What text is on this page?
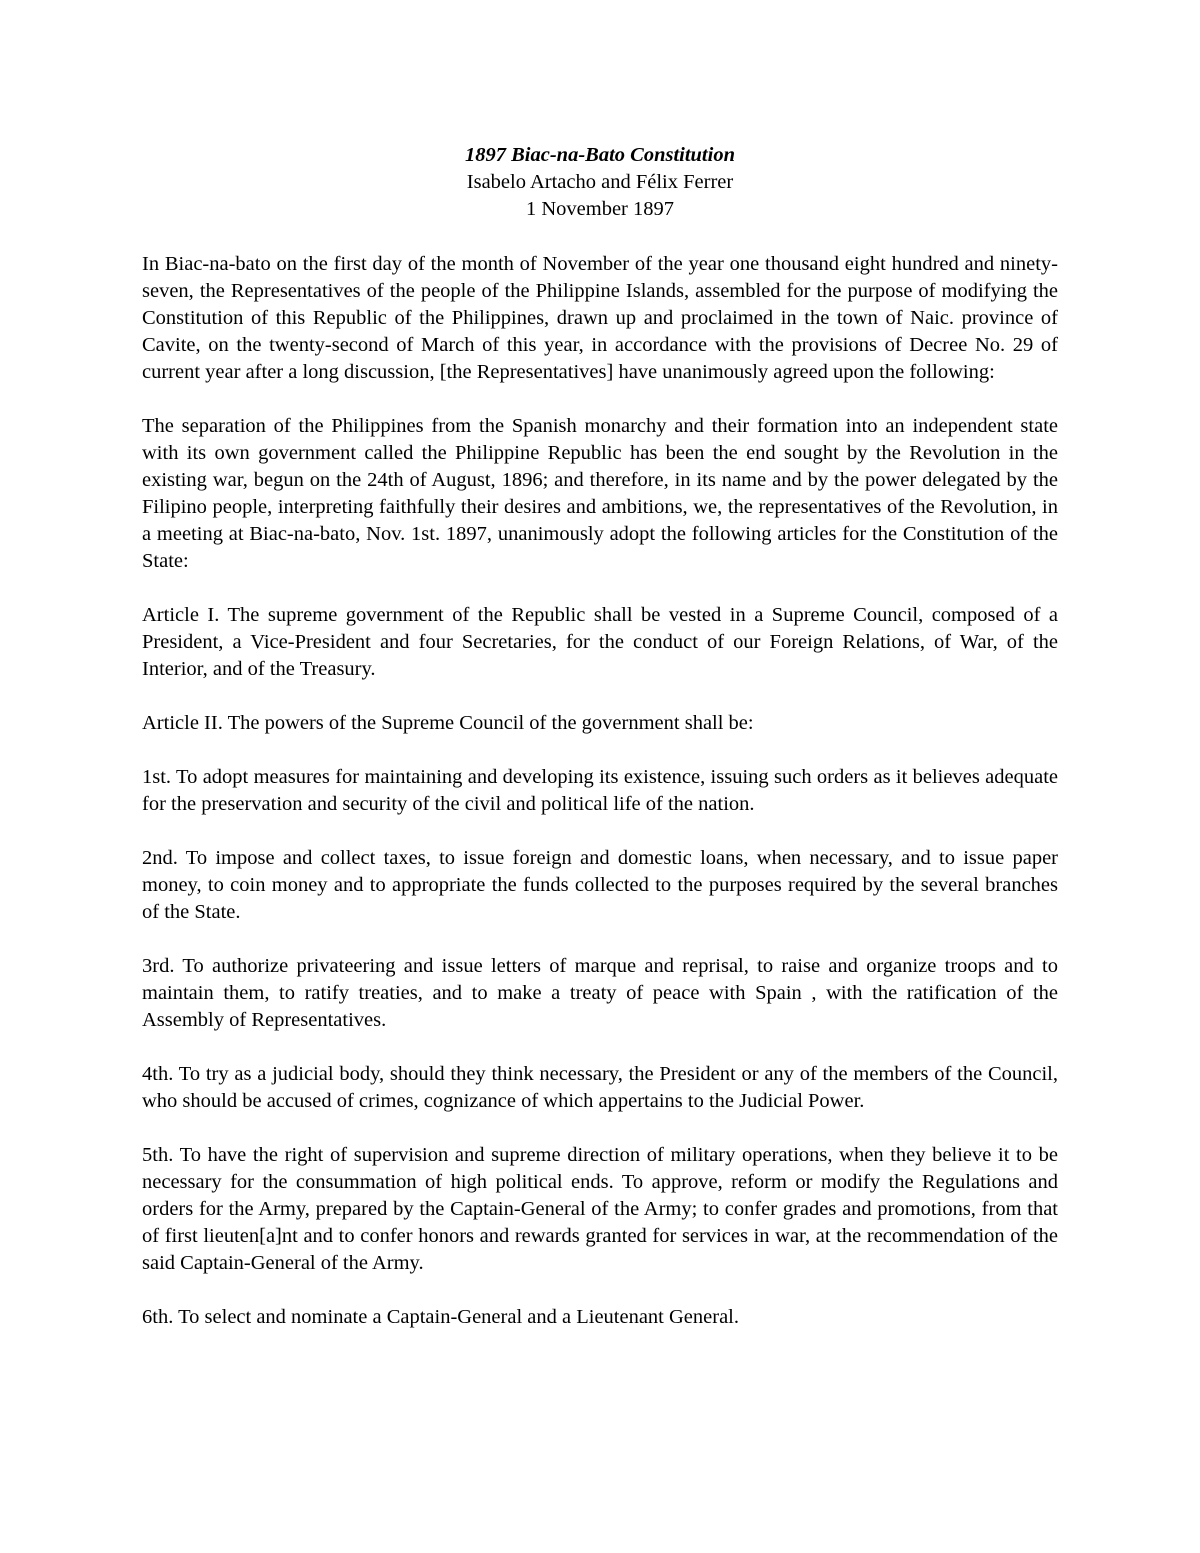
1897 Biac-na-Bato Constitution
Isabelo Artacho and Félix Ferrer
1 November 1897

In Biac-na-bato on the first day of the month of November of the year one thousand eight hundred and ninety-seven, the Representatives of the people of the Philippine Islands, assembled for the purpose of modifying the Constitution of this Republic of the Philippines, drawn up and proclaimed in the town of Naic. province of Cavite, on the twenty-second of March of this year, in accordance with the provisions of Decree No. 29 of current year after a long discussion, [the Representatives] have unanimously agreed upon the following:

The separation of the Philippines from the Spanish monarchy and their formation into an independent state with its own government called the Philippine Republic has been the end sought by the Revolution in the existing war, begun on the 24th of August, 1896; and therefore, in its name and by the power delegated by the Filipino people, interpreting faithfully their desires and ambitions, we, the representatives of the Revolution, in a meeting at Biac-na-bato, Nov. 1st. 1897, unanimously adopt the following articles for the Constitution of the State:

Article I. The supreme government of the Republic shall be vested in a Supreme Council, composed of a President, a Vice-President and four Secretaries, for the conduct of our Foreign Relations, of War, of the Interior, and of the Treasury.

Article II. The powers of the Supreme Council of the government shall be:

1st. To adopt measures for maintaining and developing its existence, issuing such orders as it believes adequate for the preservation and security of the civil and political life of the nation.

2nd. To impose and collect taxes, to issue foreign and domestic loans, when necessary, and to issue paper money, to coin money and to appropriate the funds collected to the purposes required by the several branches of the State.

3rd. To authorize privateering and issue letters of marque and reprisal, to raise and organize troops and to maintain them, to ratify treaties, and to make a treaty of peace with Spain , with the ratification of the Assembly of Representatives.

4th. To try as a judicial body, should they think necessary, the President or any of the members of the Council, who should be accused of crimes, cognizance of which appertains to the Judicial Power.

5th. To have the right of supervision and supreme direction of military operations, when they believe it to be necessary for the consummation of high political ends. To approve, reform or modify the Regulations and orders for the Army, prepared by the Captain-General of the Army; to confer grades and promotions, from that of first lieuten[a]nt and to confer honors and rewards granted for services in war, at the recommendation of the said Captain-General of the Army.

6th. To select and nominate a Captain-General and a Lieutenant General.
